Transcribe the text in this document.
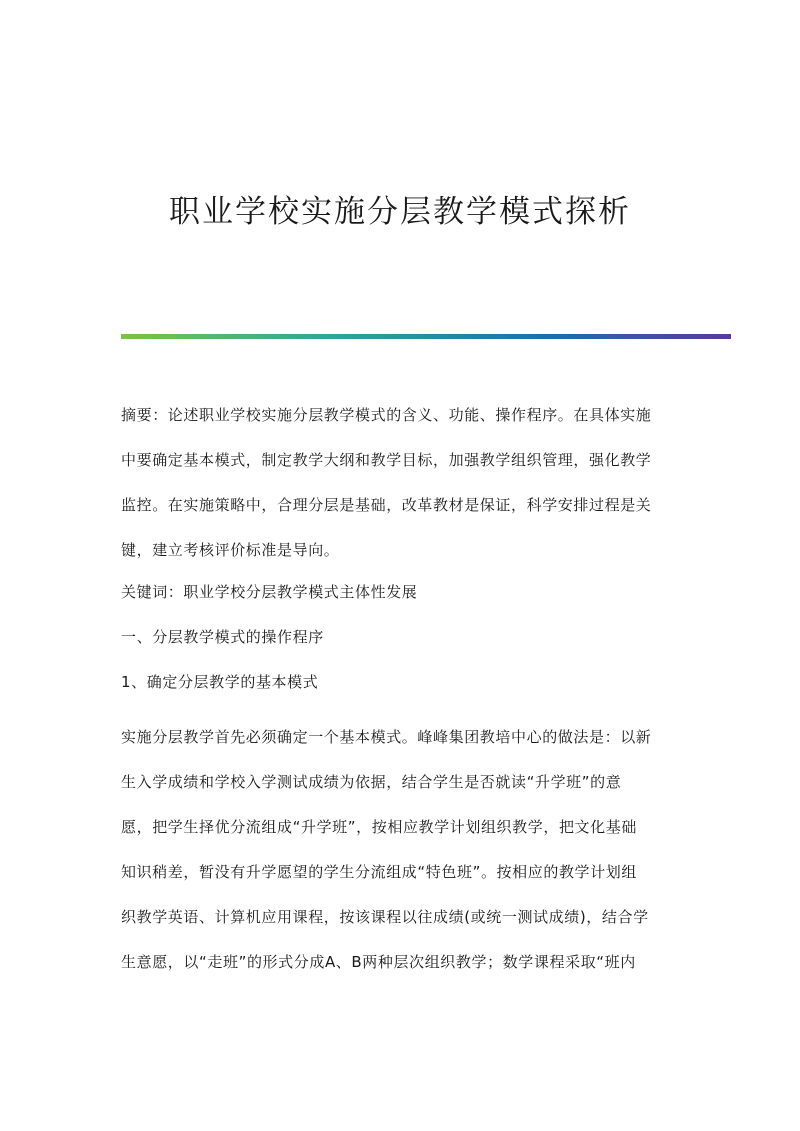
职业学校实施分层教学模式探析
摘要：论述职业学校实施分层教学模式的含义、功能、操作程序。在具体实施
中要确定基本模式，制定教学大纲和教学目标，加强教学组织管理，强化教学
监控。在实施策略中，合理分层是基础，改革教材是保证，科学安排过程是关
键，建立考核评价标准是导向。
关键词：职业学校分层教学模式主体性发展
一、分层教学模式的操作程序
1、确定分层教学的基本模式
实施分层教学首先必须确定一个基本模式。峰峰集团教培中心的做法是：以新
生入学成绩和学校入学测试成绩为依据，结合学生是否就读“升学班”的意
愿，把学生择优分流组成“升学班”，按相应教学计划组织教学，把文化基础
知识稍差，暂没有升学愿望的学生分流组成“特色班”。按相应的教学计划组
织教学英语、计算机应用课程，按该课程以往成绩(或统一测试成绩)，结合学
生意愿，以“走班”的形式分成A、B两种层次组织教学；数学课程采取“班内
